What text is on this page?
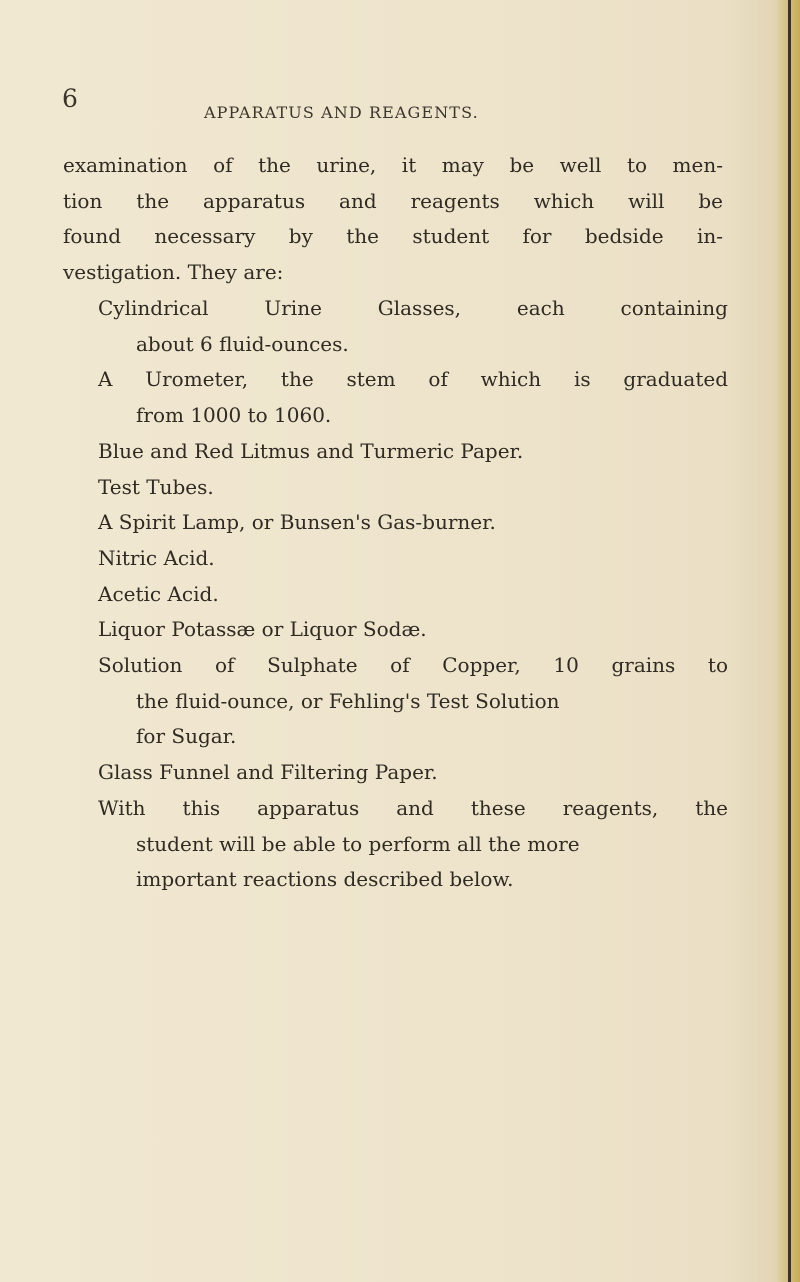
6	APPARATUS AND REAGENTS.
examination of the urine, it may be well to men-
tion the apparatus and reagents which will be
found necessary by the student for bedside in-
vestigation. They are:
Cylindrical Urine Glasses, each containing
about 6 fluid-ounces.
A Urometer, the stem of which is graduated
from 1000 to 1060.
Blue and Red Litmus and Turmeric Paper.
Test Tubes.
A Spirit Lamp, or Bunsen's Gas-burner.
Nitric Acid.
Acetic Acid.
Liquor Potassæ or Liquor Sodæ.
Solution of Sulphate of Copper, 10 grains to
the fluid-ounce, or Fehling's Test Solution
for Sugar.
Glass Funnel and Filtering Paper.
With this apparatus and these reagents, the
student will be able to perform all the more
important reactions described below.
